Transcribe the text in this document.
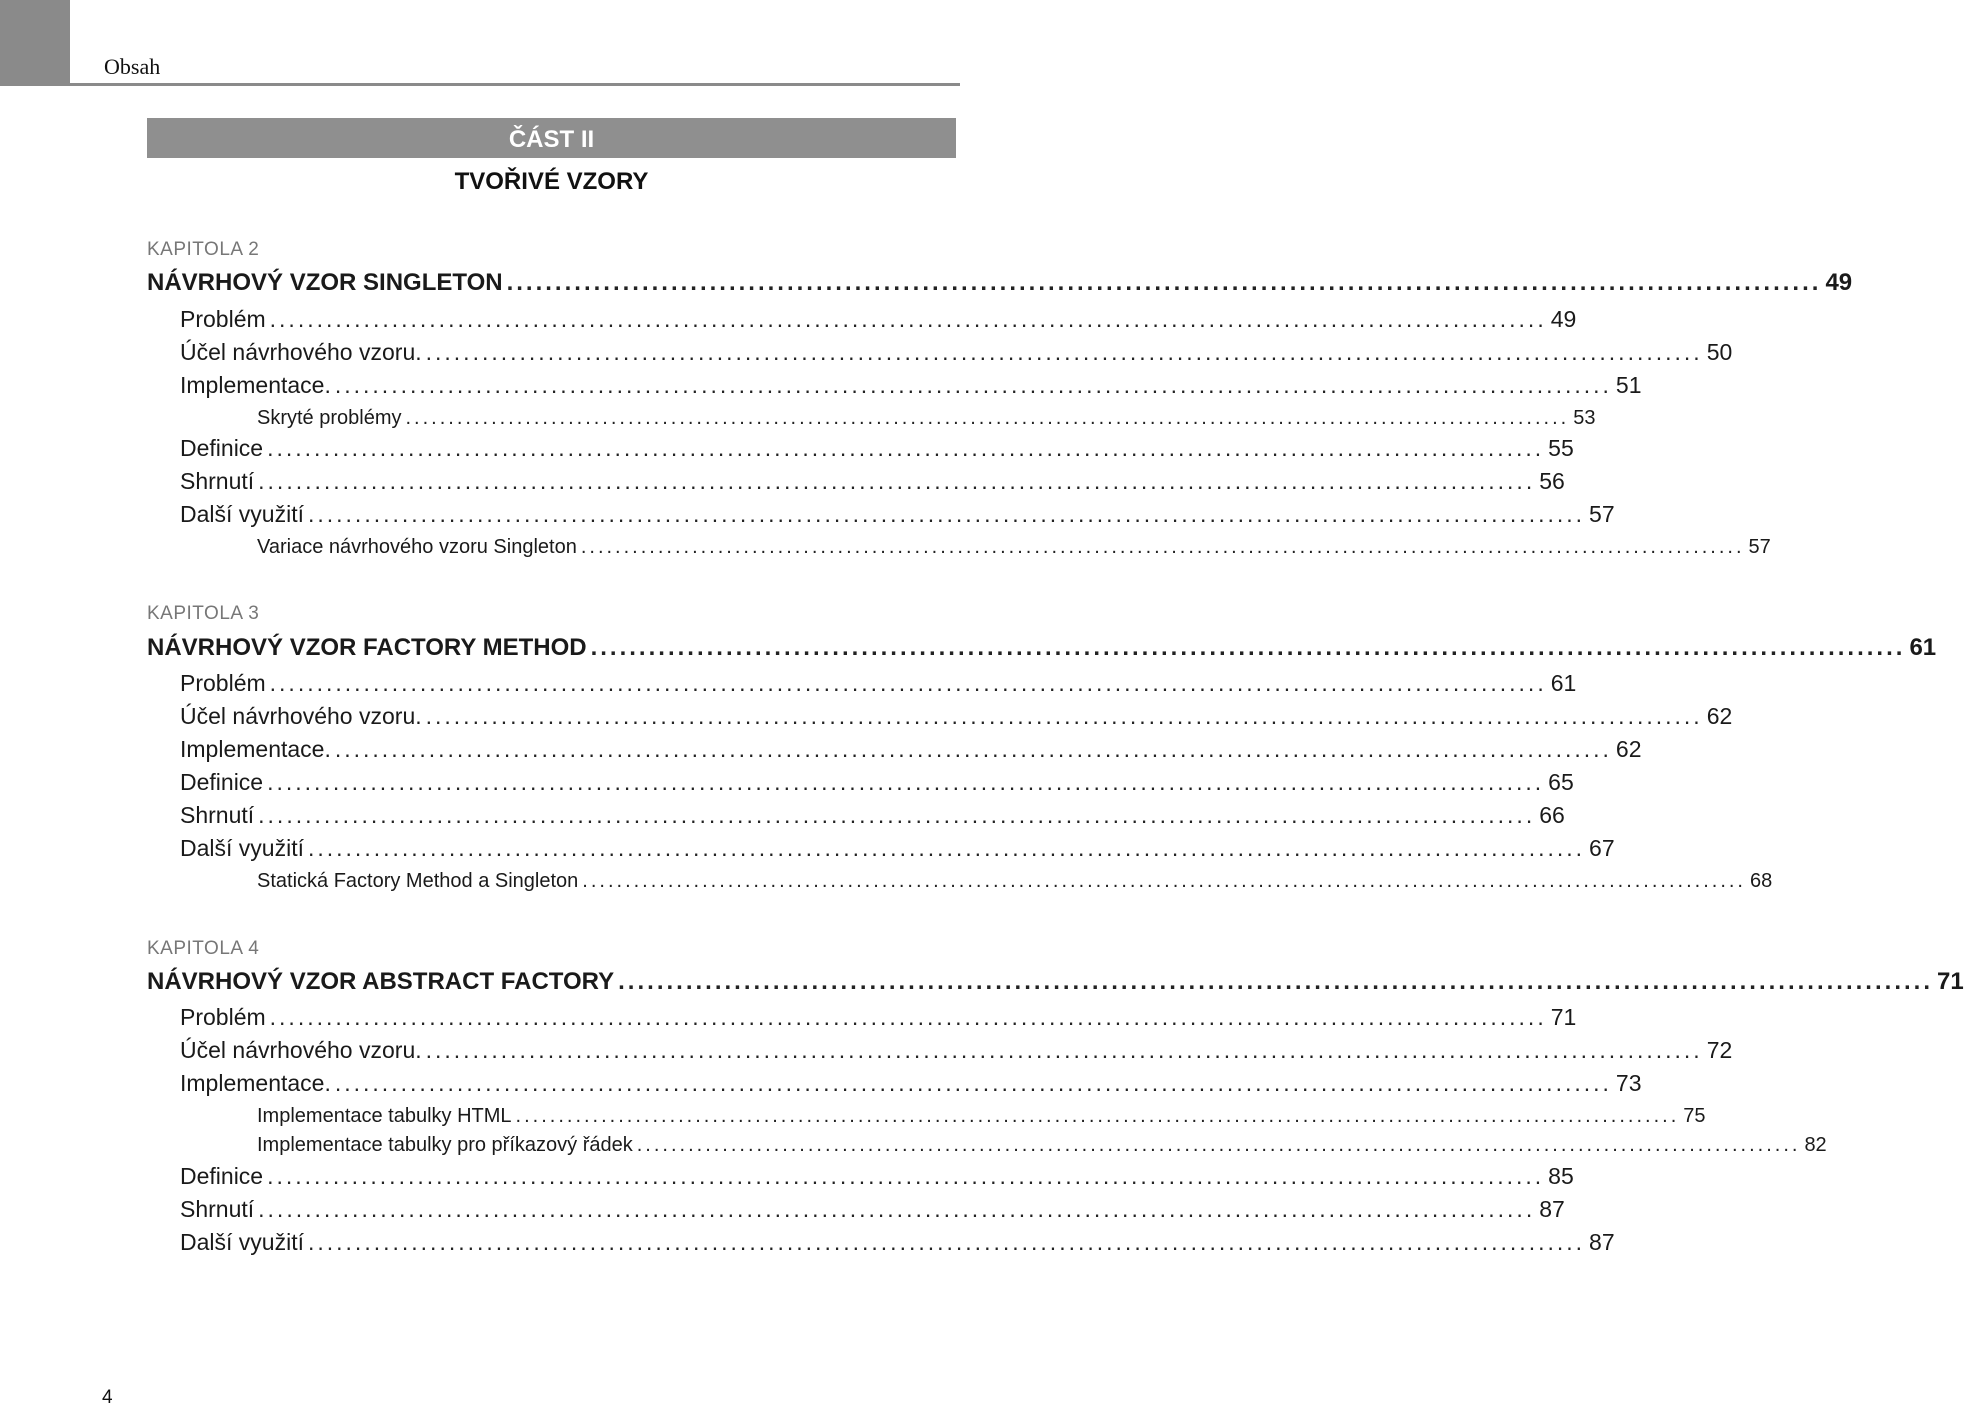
Obsah
ČÁST II
TVOŘIVÉ VZORY
KAPITOLA 2
NÁVRHOVÝ VZOR SINGLETON ........................................................................................................................................ 49
Problém ........................................................................................................................................ 49
Účel návrhového vzoru. ........................................................................................................................................ 50
Implementace. ........................................................................................................................................ 51
Skryté problémy ........................................................................................................................................ 53
Definice ........................................................................................................................................ 55
Shrnutí ........................................................................................................................................ 56
Další využití ........................................................................................................................................ 57
Variace návrhového vzoru Singleton ........................................................................................................................................ 57
KAPITOLA 3
NÁVRHOVÝ VZOR FACTORY METHOD ........................................................................................................................................ 61
Problém ........................................................................................................................................ 61
Účel návrhového vzoru. ........................................................................................................................................ 62
Implementace. ........................................................................................................................................ 62
Definice ........................................................................................................................................ 65
Shrnutí ........................................................................................................................................ 66
Další využití ........................................................................................................................................ 67
Statická Factory Method a Singleton ........................................................................................................................................ 68
KAPITOLA 4
NÁVRHOVÝ VZOR ABSTRACT FACTORY ........................................................................................................................................ 71
Problém ........................................................................................................................................ 71
Účel návrhového vzoru. ........................................................................................................................................ 72
Implementace. ........................................................................................................................................ 73
Implementace tabulky HTML ........................................................................................................................................ 75
Implementace tabulky pro příkazový řádek ........................................................................................................................................ 82
Definice ........................................................................................................................................ 85
Shrnutí ........................................................................................................................................ 87
Další využití ........................................................................................................................................ 87
4
